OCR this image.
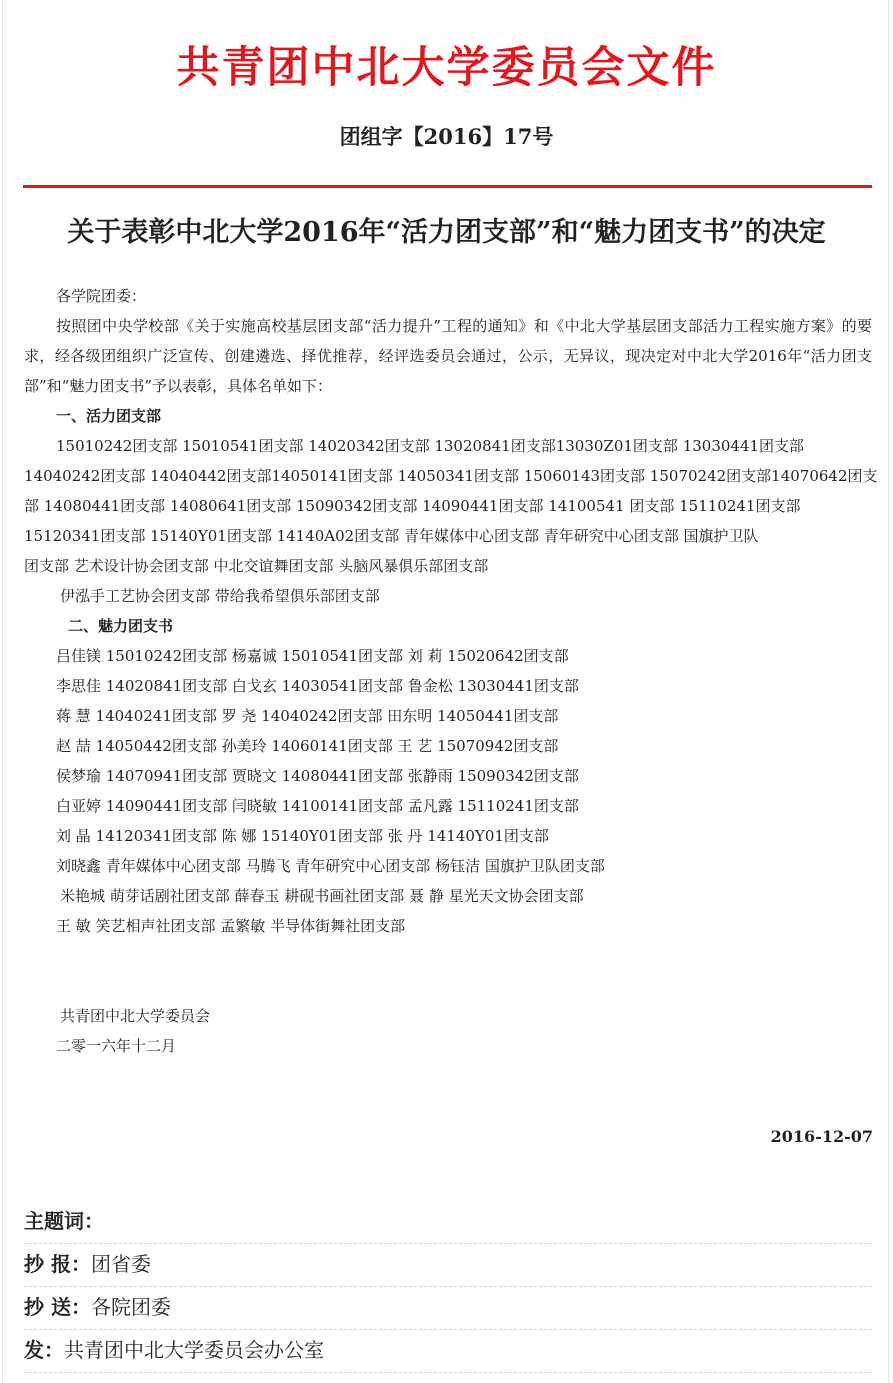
共青团中北大学委员会文件
团组字【2016】17号
关于表彰中北大学2016年“活力团支部”和“魅力团支书”的决定
各学院团委：
按照团中央学校部《关于实施高校基层团支部“活力提升”工程的通知》和《中北大学基层团支部活力工程实施方案》的要求，经各级团组织广泛宣传、创建遴选、择优推荐，经评选委员会通过，公示，无异议，现决定对中北大学2016年“活力团支部”和“魅力团支书”予以表彰，具体名单如下：
一、活力团支部
15010242团支部 15010541团支部 14020342团支部 13020841团支部13030Z01团支部 13030441团支部
14040242团支部 14040442团支部14050141团支部 14050341团支部 15060143团支部 15070242团支部14070642团支
部 14080441团支部 14080641团支部 15090342团支部 14090441团支部 14100541 团支部 15110241团支部
15120341团支部 15140Y01团支部 14140A02团支部 青年媒体中心团支部 青年研究中心团支部 国旗护卫队
团支部 艺术设计协会团支部 中北交谊舞团支部 头脑风暴俱乐部团支部
伊泓手工艺协会团支部 带给我希望俱乐部团支部
二、魅力团支书
吕佳镁 15010242团支部 杨嘉诚 15010541团支部 刘 莉 15020642团支部
李思佳 14020841团支部 白戈玄 14030541团支部 鲁金松 13030441团支部
蒋 慧 14040241团支部 罗 尧 14040242团支部 田东明 14050441团支部
赵 喆 14050442团支部 孙美玲 14060141团支部 王 艺 15070942团支部
侯梦瑜 14070941团支部 贾晓文 14080441团支部 张静雨 15090342团支部
白亚婷 14090441团支部 闫晓敏 14100141团支部 孟凡露 15110241团支部
刘 晶 14120341团支部 陈 娜 15140Y01团支部 张 丹 14140Y01团支部
刘晓鑫 青年媒体中心团支部 马腾飞 青年研究中心团支部 杨钰洁 国旗护卫队团支部
米艳城 萌芽话剧社团支部 薛春玉 耕砚书画社团支部 聂 静 星光天文协会团支部
王 敏 笑艺相声社团支部 孟繁敏 半导体街舞社团支部
共青团中北大学委员会
二零一六年十二月
2016-12-07
主题词：
抄 报：团省委
抄 送：各院团委
发：共青团中北大学委员会办公室
